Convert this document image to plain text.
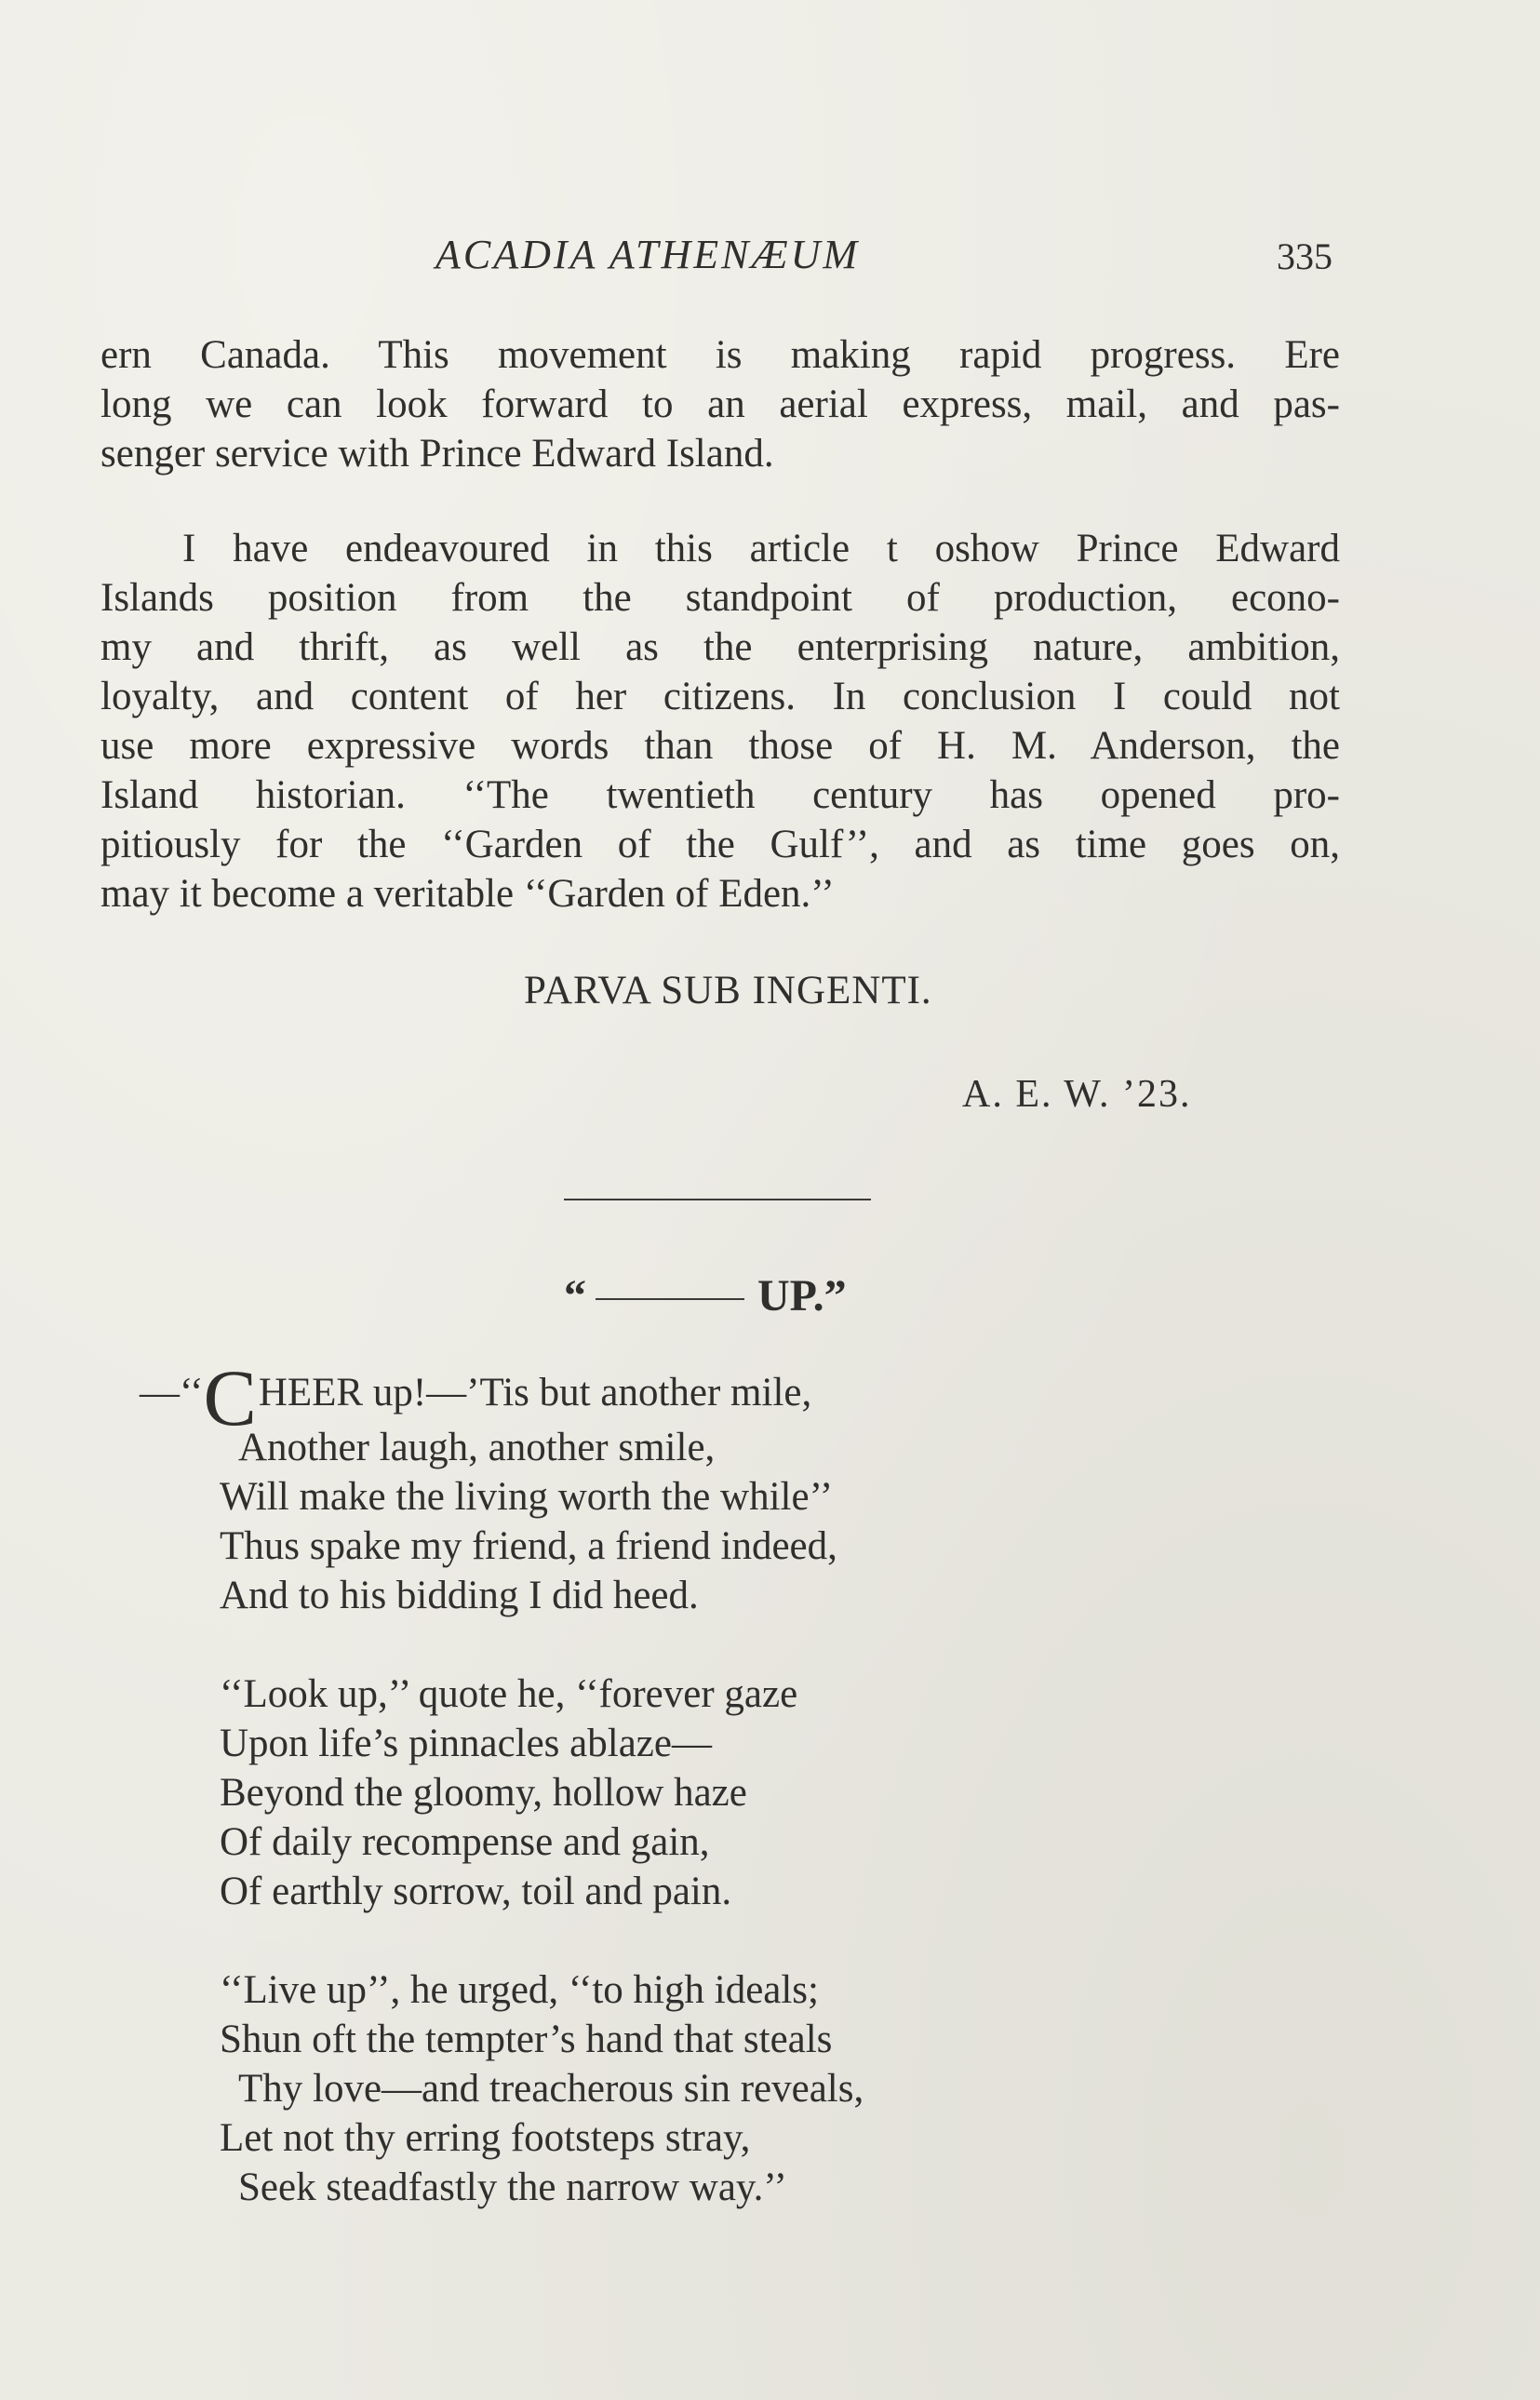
ACADIA ATHENÆUM	335
ern Canada. This movement is making rapid progress. Ere
long we can look forward to an aerial express, mail, and pas-
senger service with Prince Edward Island.
I have endeavoured in this article t oshow Prince Edward
Islands position from the standpoint of production, econo-
my and thrift, as well as the enterprising nature, ambition,
loyalty, and content of her citizens. In conclusion I could not
use more expressive words than those of H. M. Anderson, the
Island historian. ‘‘The twentieth century has opened pro-
pitiously for the ‘‘Garden of the Gulf’’, and as time goes on,
may it become a veritable ‘‘Garden of Eden.’’
PARVA SUB INGENTI.
A. E. W. ’23.
“	UP.”
—‘‘CHEER up!—’Tis but another mile,
Another laugh, another smile,
Will make the living worth the while’’
Thus spake my friend, a friend indeed,
And to his bidding I did heed.
‘‘Look up,’’ quote he, ‘‘forever gaze
Upon life’s pinnacles ablaze—
Beyond the gloomy, hollow haze
Of daily recompense and gain,
Of earthly sorrow, toil and pain.
‘‘Live up’’, he urged, ‘‘to high ideals;
Shun oft the tempter’s hand that steals
Thy love—and treacherous sin reveals,
Let not thy erring footsteps stray,
Seek steadfastly the narrow way.’’
